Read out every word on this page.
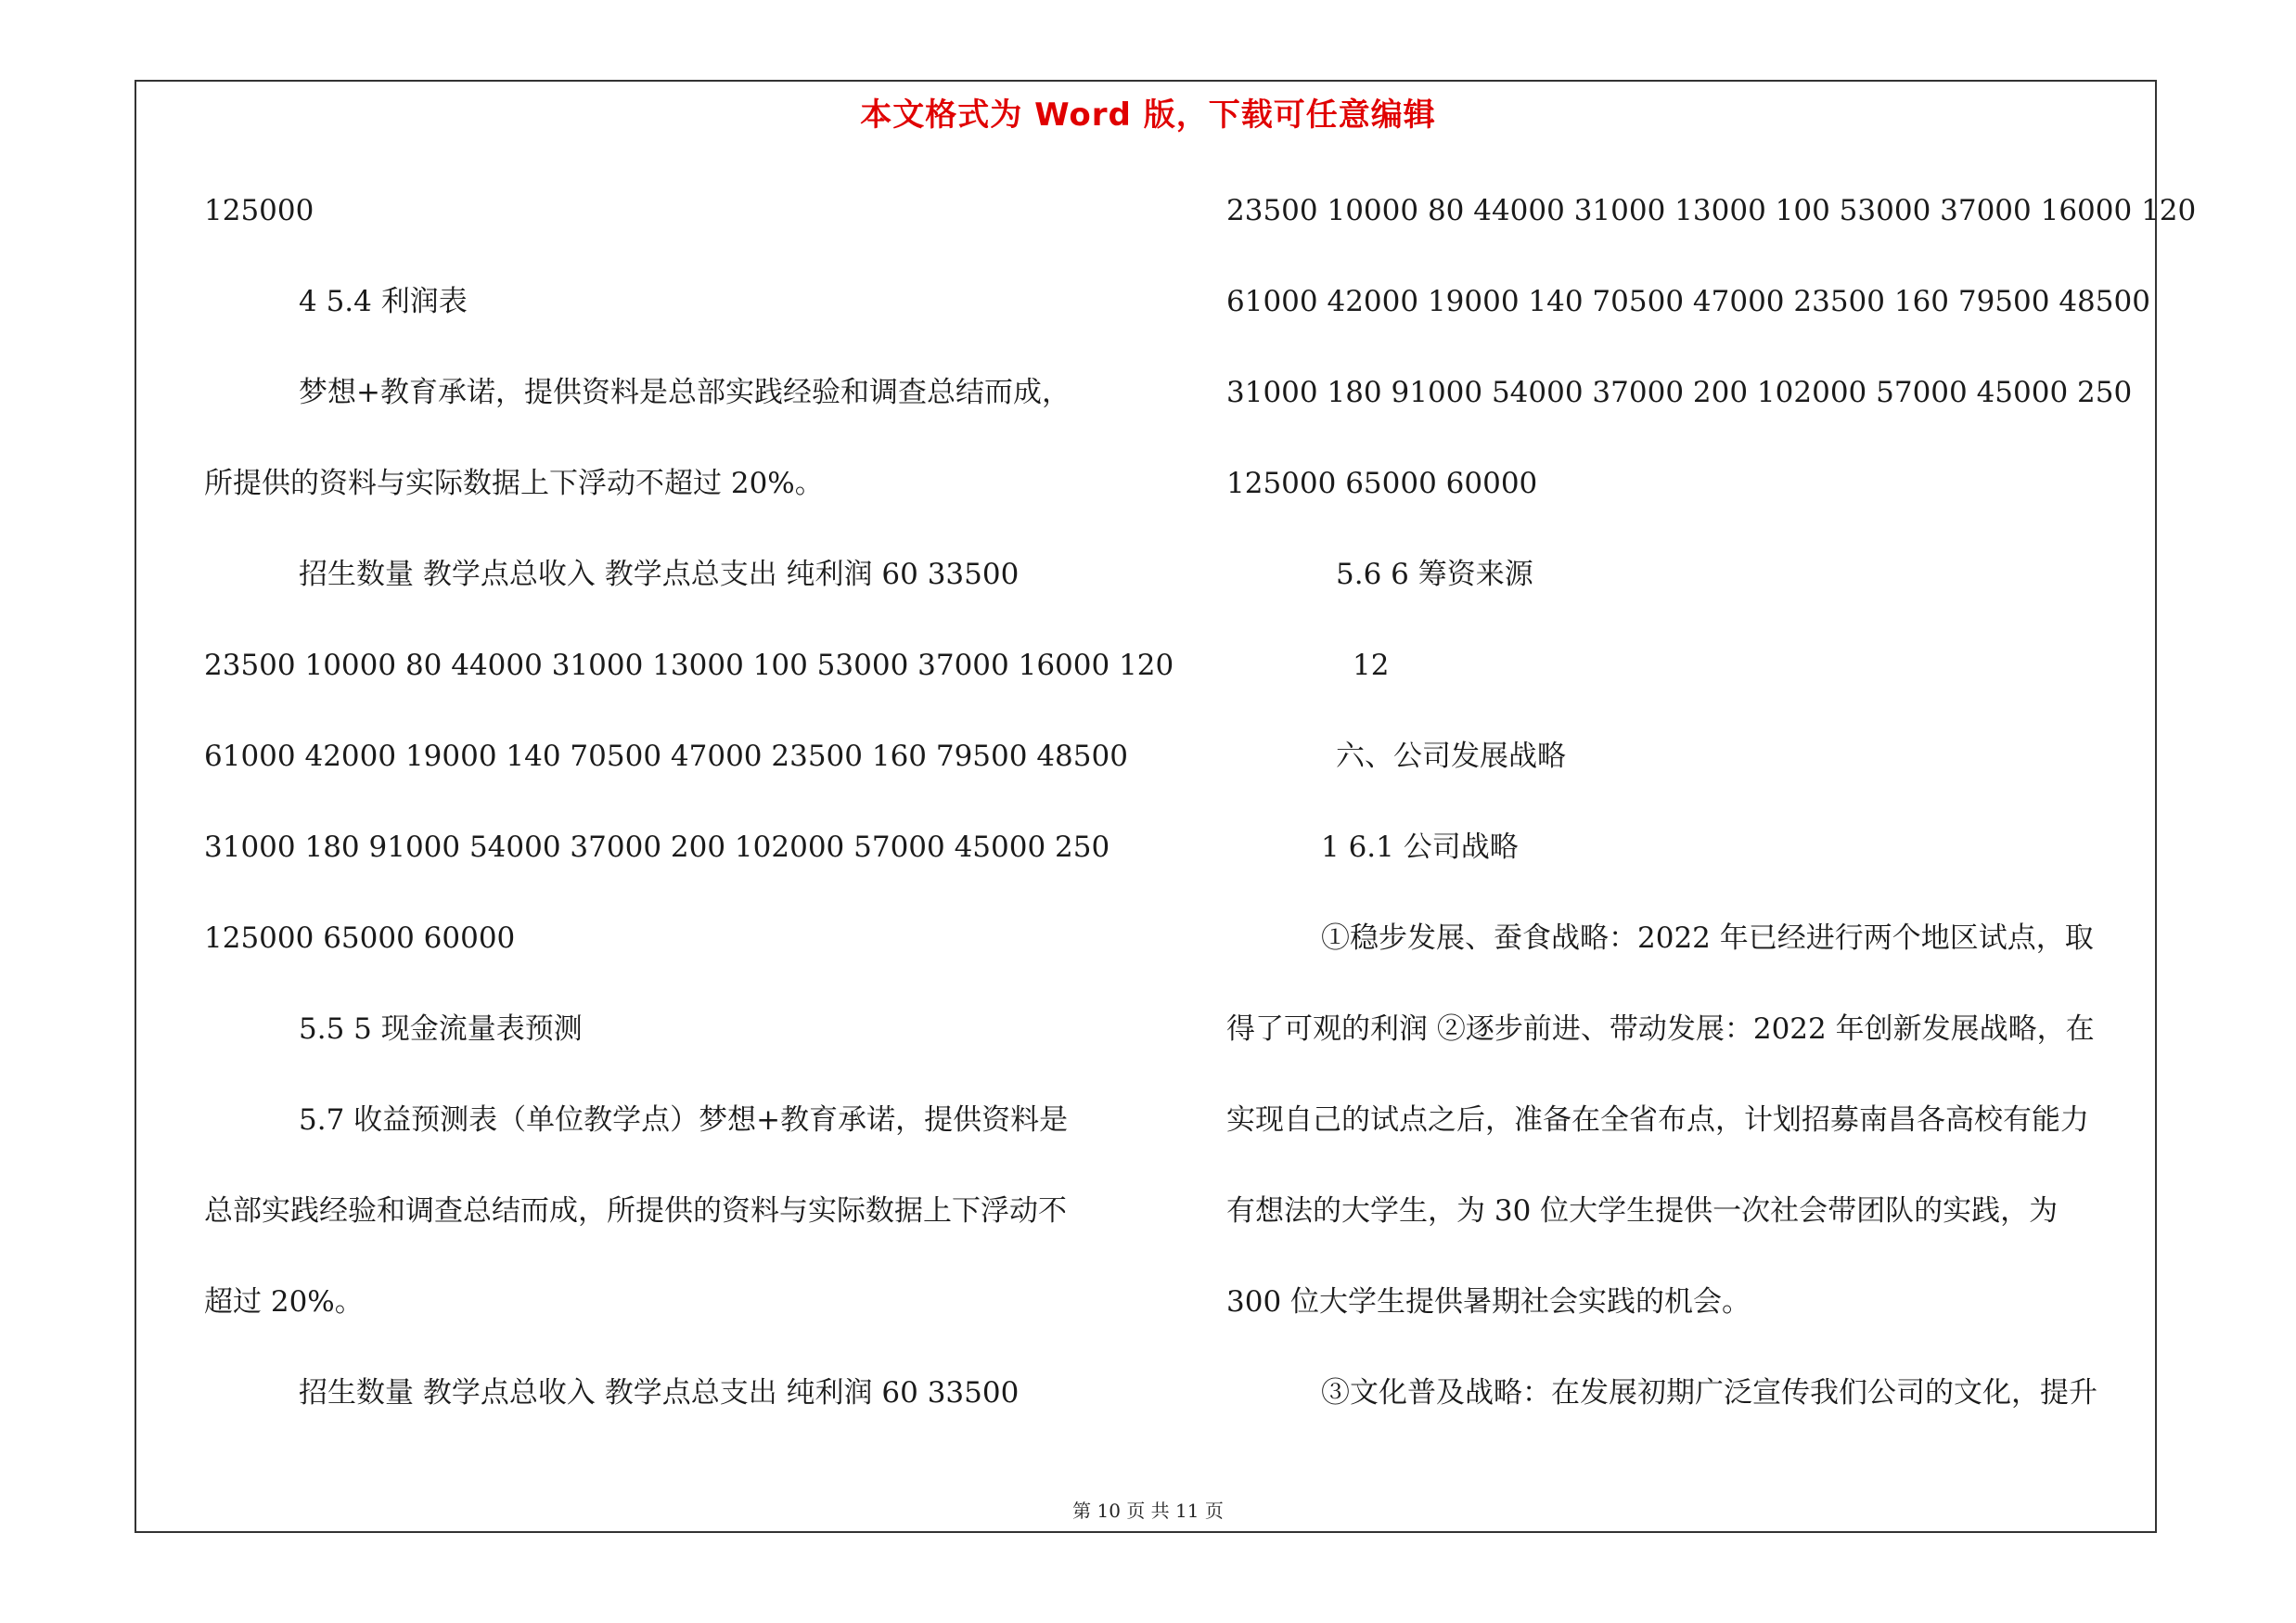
本文格式为 Word 版，下载可任意编辑
125000
4 5.4 利润表
梦想+教育承诺，提供资料是总部实践经验和调查总结而成，
所提供的资料与实际数据上下浮动不超过 20%。
招生数量 教学点总收入 教学点总支出 纯利润 60 33500
23500 10000 80 44000 31000 13000 100 53000 37000 16000 120
61000 42000 19000 140 70500 47000 23500 160 79500 48500
31000 180 91000 54000 37000 200 102000 57000 45000 250
125000 65000 60000
5.5 5 现金流量表预测
5.7 收益预测表（单位教学点）梦想+教育承诺，提供资料是
总部实践经验和调查总结而成，所提供的资料与实际数据上下浮动不
超过 20%。
招生数量 教学点总收入 教学点总支出 纯利润 60 33500
23500 10000 80 44000 31000 13000 100 53000 37000 16000 120
61000 42000 19000 140 70500 47000 23500 160 79500 48500
31000 180 91000 54000 37000 200 102000 57000 45000 250
125000 65000 60000
5.6 6 筹资来源
12
六、公司发展战略
1 6.1 公司战略
①稳步发展、蚕食战略：2022 年已经进行两个地区试点，取
得了可观的利润 ②逐步前进、带动发展：2022 年创新发展战略，在
实现自己的试点之后，准备在全省布点，计划招募南昌各高校有能力
有想法的大学生，为 30 位大学生提供一次社会带团队的实践，为
300 位大学生提供暑期社会实践的机会。
③文化普及战略：在发展初期广泛宣传我们公司的文化，提升
第 10 页 共 11 页
